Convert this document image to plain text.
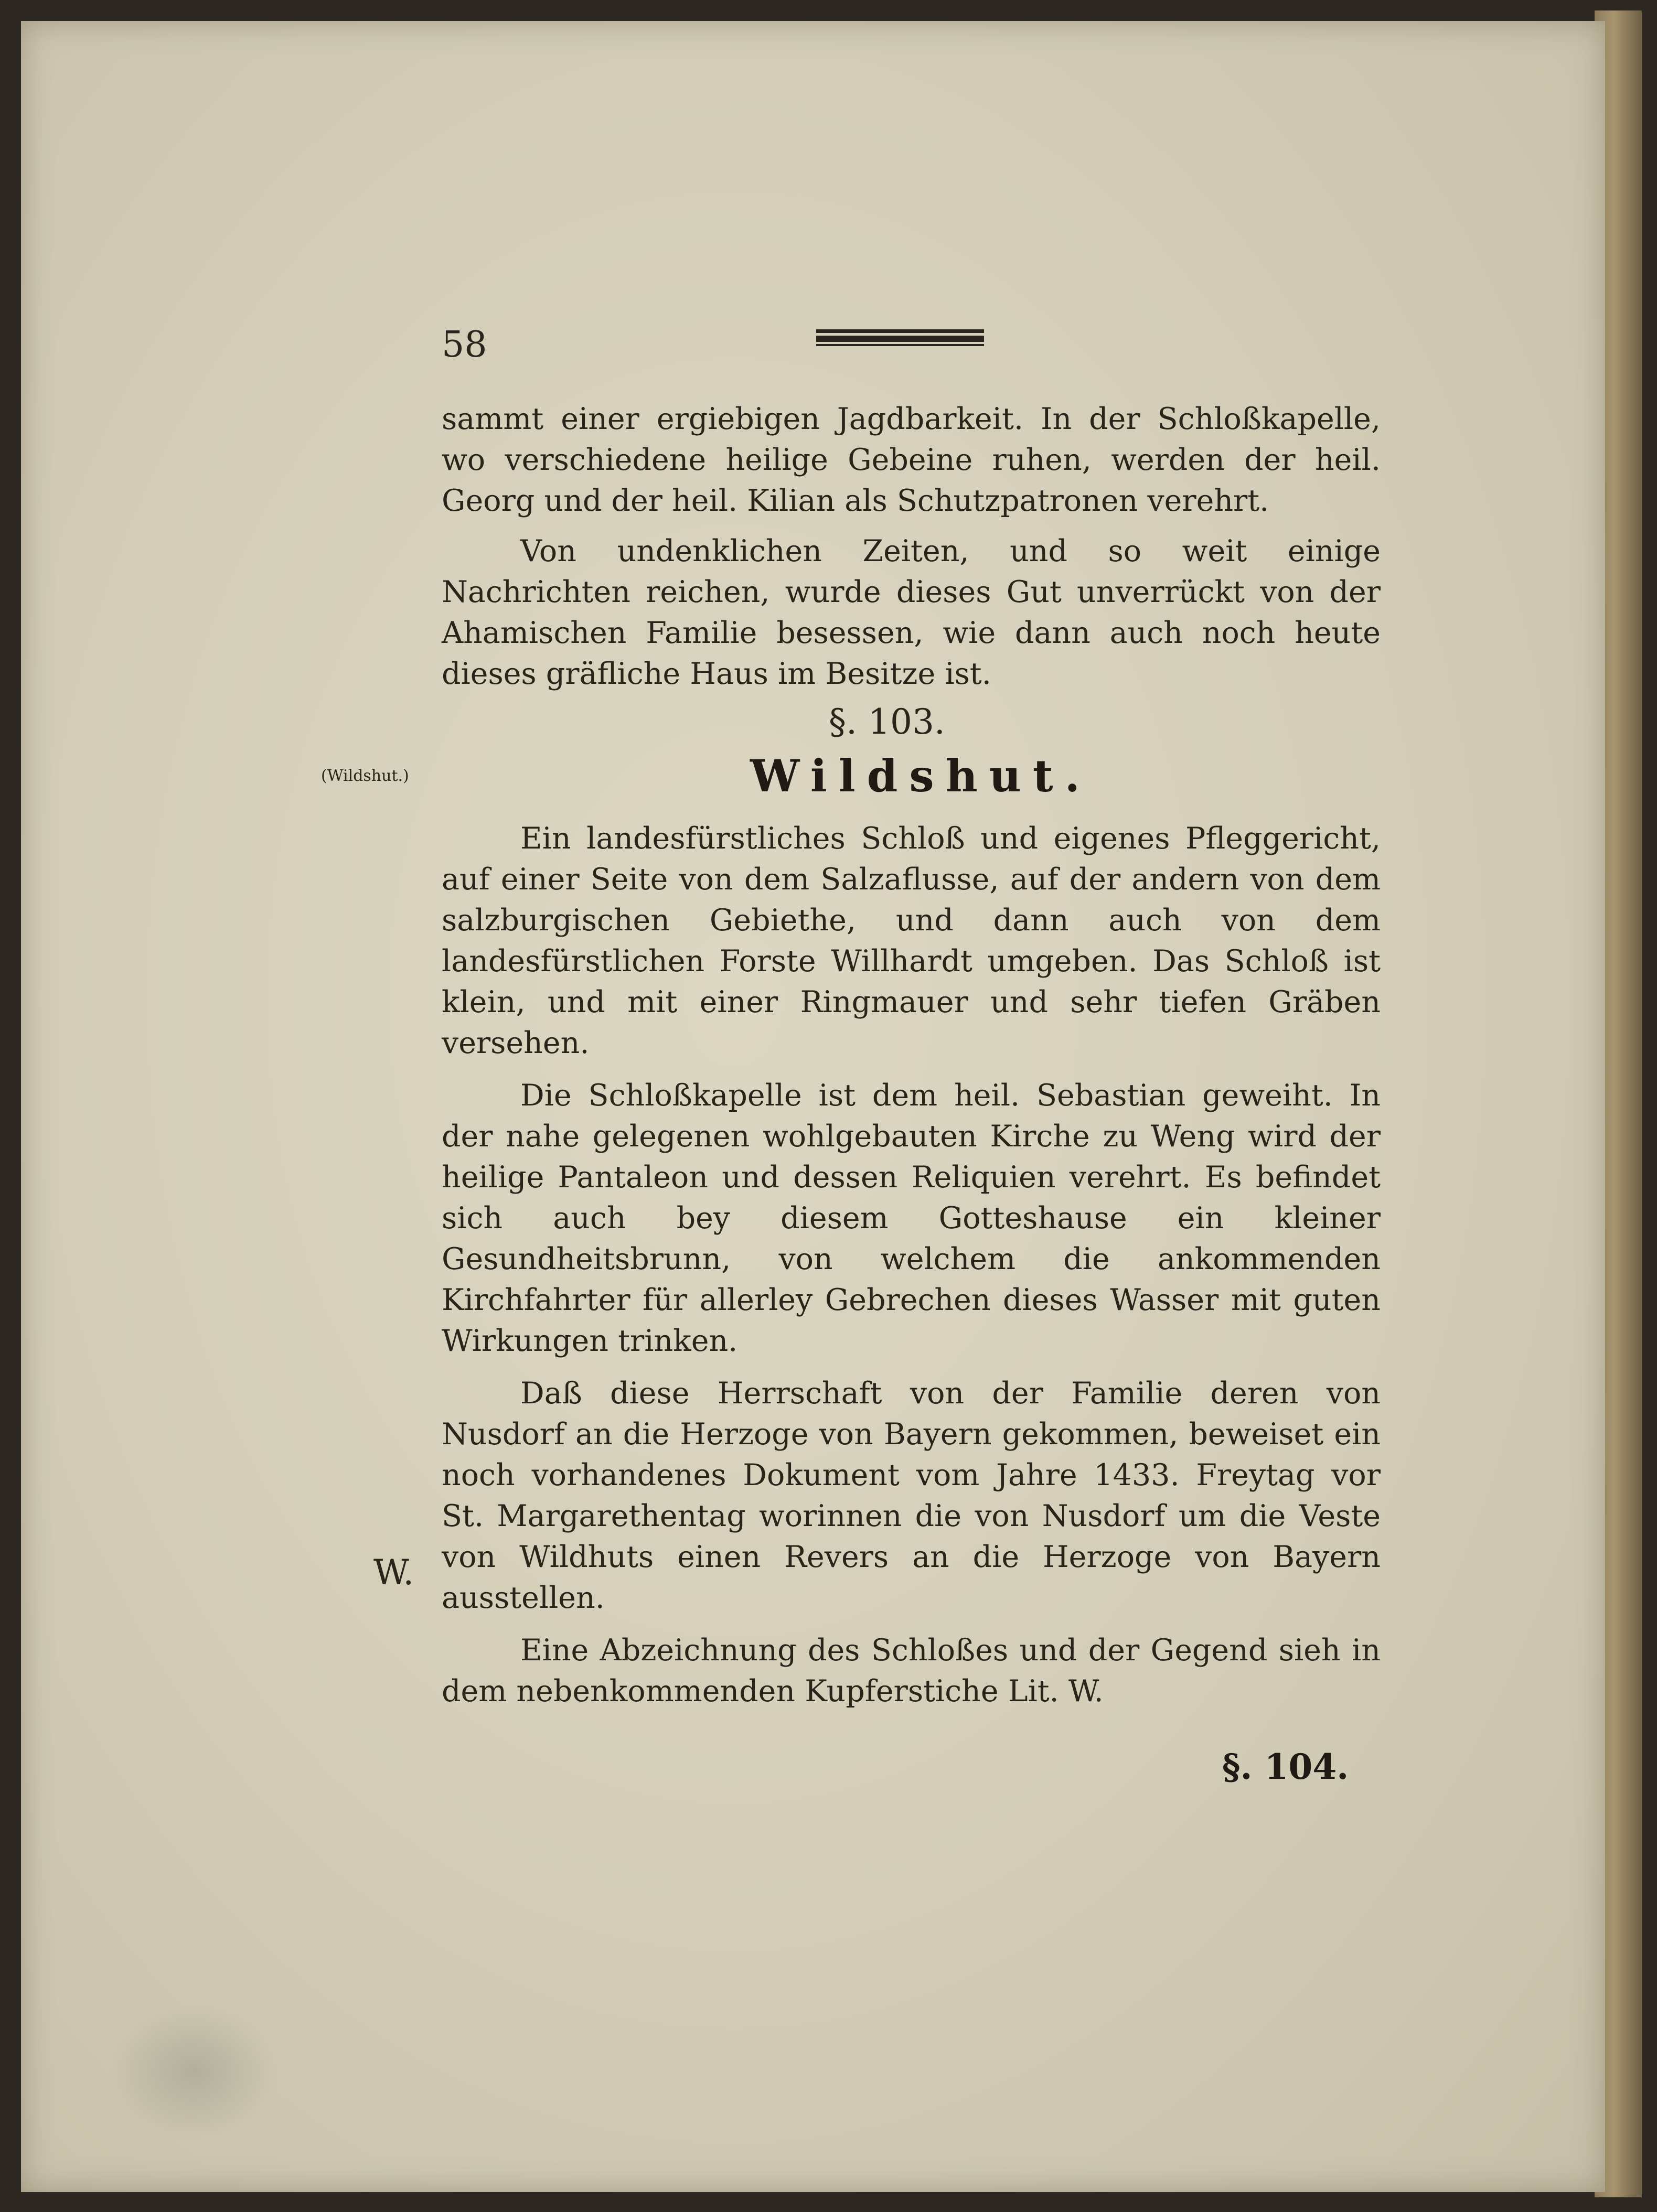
58

sammt einer ergiebigen Jagdbarkeit. In der Schloßkapelle, wo verschiedene heilige Gebeine ruhen, werden der heil. Georg und der heil. Kilian als Schutzpatronen verehrt.

Von undenklichen Zeiten, und so weit einige Nachrichten reichen, wurde dieses Gut unverrückt von der Ahamischen Familie besessen, wie dann auch noch heute dieses gräfliche Haus im Besitze ist.

§. 103.
(Wildshut.)	Wildshut.

Ein landesfürstliches Schloß und eigenes Pfleggericht, auf einer Seite von dem Salzaflusse, auf der andern von dem salzburgischen Gebiethe, und dann auch von dem landesfürstlichen Forste Willhardt umgeben. Das Schloß ist klein, und mit einer Ringmauer und sehr tiefen Gräben versehen.

Die Schloßkapelle ist dem heil. Sebastian geweiht. In der nahe gelegenen wohlgebauten Kirche zu Weng wird der heilige Pantaleon und dessen Reliquien verehrt. Es befindet sich auch bey diesem Gotteshause ein kleiner Gesundheitsbrunn, von welchem die ankommenden Kirchfahrter für allerley Gebrechen dieses Wasser mit guten Wirkungen trinken.

Daß diese Herrschaft von der Familie deren von Nusdorf an die Herzoge von Bayern gekommen, beweiset ein noch vorhandenes Dokument vom Jahre 1433. Freytag vor St. Margarethentag worinnen die von Nusdorf um die Veste von Wildhuts einen Revers an die Herzoge von Bayern ausstellen.

Eine Abzeichnung des Schloßes und der Gegend sieh in dem nebenkommenden Kupferstiche Lit. W.

W.
§. 104.
